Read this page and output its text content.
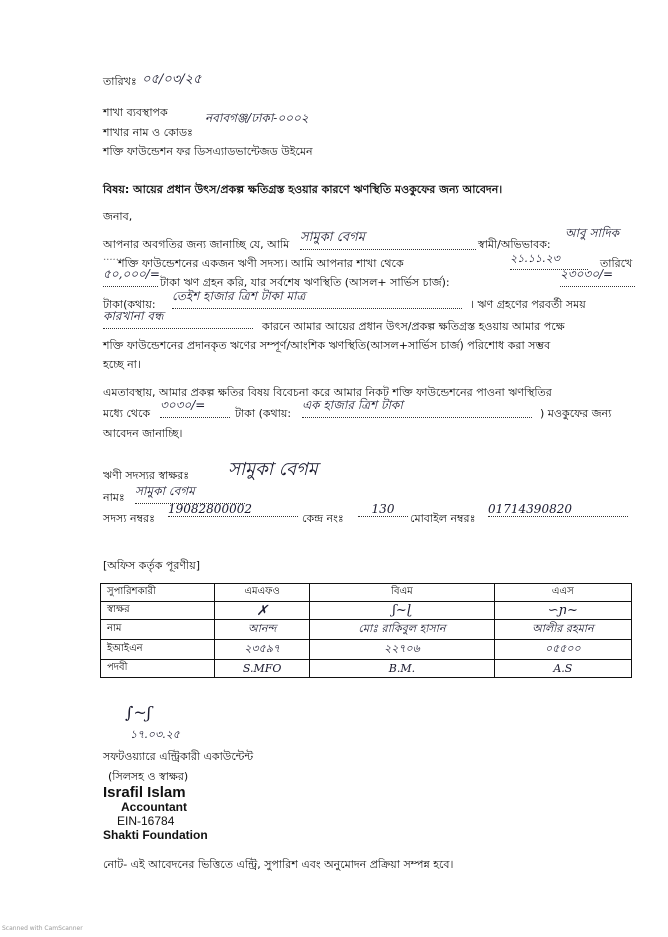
তারিখঃ ০৫/০৩/২৫
শাখা ব্যবস্থাপক
শাখার নাম ও কোডঃ
নবাবগঞ্জ/ঢাকা-০০০২
শক্তি ফাউন্ডেশন ফর ডিসএ্যাডভান্টেজড উইমেন
বিষয়: আয়ের প্রধান উৎস/প্রকল্প ক্ষতিগ্রস্ত হওয়ার কারণে ঋণস্থিতি মওকুফের জন্য আবেদন।
জনাব,
আপনার অবগতির জন্য জানাচ্ছি যে, আমি সামুকা বেগম	স্বামী/অভিভাবক:
আবু সাদিক
.......
শক্তি ফাউন্ডেশনের একজন ঋণী সদস্য। আমি আপনার শাখা থেকে	২১.১১.২৩	তারিখে
৫০,০০০/=
টাকা ঋণ গ্রহন করি, যার সর্বশেষ ঋণস্থিতি (আসল+ সার্ভিস চার্জ):
২৩০৩০/=
টাকা(কথায়:
তেইশ হাজার ত্রিশ টাকা মাত্র
। ঋণ গ্রহণের পরবর্তী সময়
কারখানা বন্ধ
কারনে আমার আয়ের প্রধান উৎস/প্রকল্প ক্ষতিগ্রস্ত হওয়ায় আমার পক্ষে
শক্তি ফাউন্ডেশনের প্রদানকৃত ঋণের সম্পূর্ণ/আংশিক ঋণস্থিতি(আসল+সার্ভিস চার্জ) পরিশোধ করা সম্ভব
হচ্ছে না।
এমতাবস্থায়, আমার প্রকল্প ক্ষতির বিষয় বিবেচনা করে আমার নিকট শক্তি ফাউন্ডেশনের পাওনা ঋণস্থিতির
মধ্যে থেকে
৩০৩০/=
টাকা (কথায়:
এক হাজার ত্রিশ টাকা
) মওকুফের জন্য
আবেদন জানাচ্ছি।
ঋণী সদস্যর স্বাক্ষরঃ সামুকা বেগম
নামঃ সামুকা বেগম
সদস্য নম্বরঃ
19082800002
কেন্দ্র নংঃ
130
মোবাইল নম্বরঃ
01714390820
[অফিস কর্তৃক পূরণীয়]
সুপারিশকারী	এমএফও	বিএম	এএস
স্বাক্ষর	✗	ʃ~ɭ	∽ɲ~
নাম	আনন্দ	মোঃ রাকিবুল হাসান	আলীর রহমান
ইআইএন	২৩৫৯৭	২২৭০৬	০৫৫০০
পদবী	S.MFO	B.M.	A.S
∫~ʃ
১৭.০৩.২৫
সফটওয়্যারে এন্ট্রিকারী একাউন্টেন্ট
(সিলসহ ও স্বাক্ষর)
Israfil Islam
Accountant
EIN-16784
Shakti Foundation
নোট- এই আবেদনের ভিত্তিতে এন্ট্রি, সুপারিশ এবং অনুমোদন প্রক্রিয়া সম্পন্ন হবে।
Scanned with CamScanner
